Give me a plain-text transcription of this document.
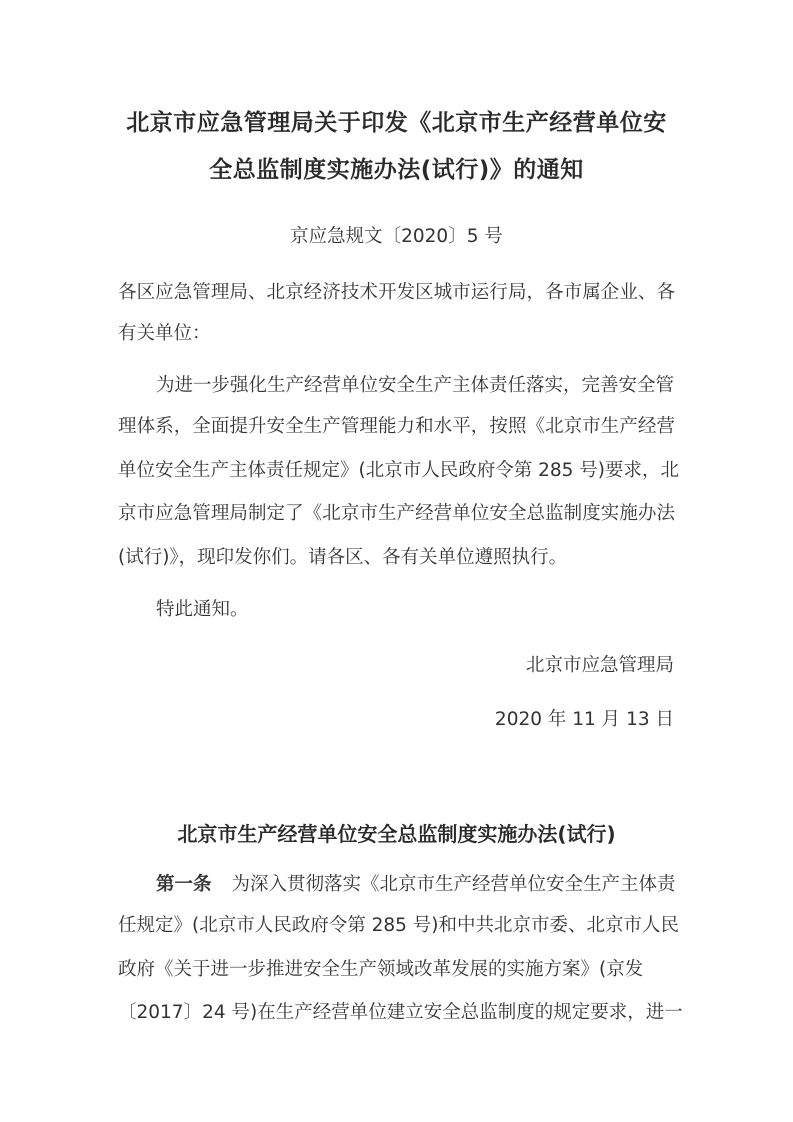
北京市应急管理局关于印发《北京市生产经营单位安
全总监制度实施办法(试行)》的通知
京应急规文〔2020〕5 号
各区应急管理局、北京经济技术开发区城市运行局，各市属企业、各
有关单位：
为进一步强化生产经营单位安全生产主体责任落实，完善安全管
理体系，全面提升安全生产管理能力和水平，按照《北京市生产经营
单位安全生产主体责任规定》(北京市人民政府令第 285 号)要求，北
京市应急管理局制定了《北京市生产经营单位安全总监制度实施办法
(试行)》，现印发你们。请各区、各有关单位遵照执行。
特此通知。
北京市应急管理局
2020 年 11 月 13 日
北京市生产经营单位安全总监制度实施办法(试行)
第一条 为深入贯彻落实《北京市生产经营单位安全生产主体责
任规定》(北京市人民政府令第 285 号)和中共北京市委、北京市人民
政府《关于进一步推进安全生产领域改革发展的实施方案》(京发
〔2017〕24 号)在生产经营单位建立安全总监制度的规定要求，进一
